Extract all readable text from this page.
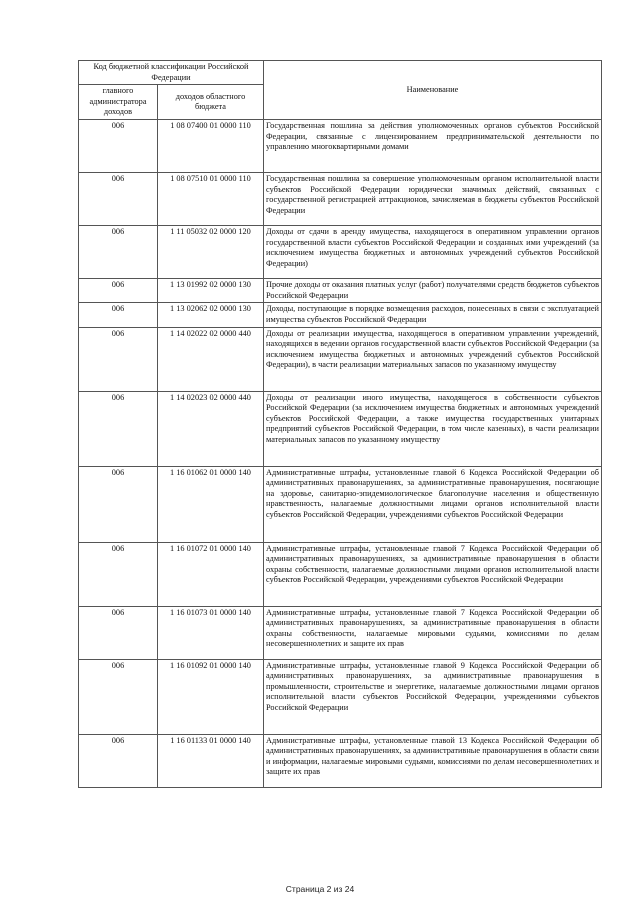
Код бюджетной классификации Российской Федерации		Наименование
главного администратора доходов	доходов областного бюджета	
006	1 08 07400 01 0000 110	Государственная пошлина за действия уполномоченных органов субъектов Российской Федерации, связанные с лицензированием предпринимательской деятельности по управлению многоквартирными домами
006	1 08 07510 01 0000 110	Государственная пошлина за совершение уполномоченным органом исполнительной власти субъектов Российской Федерации юридически значимых действий, связанных с государственной регистрацией аттракционов, зачисляемая в бюджеты субъектов Российской Федерации
006	1 11 05032 02 0000 120	Доходы от сдачи в аренду имущества, находящегося в оперативном управлении органов государственной власти субъектов Российской Федерации и созданных ими учреждений (за исключением имущества бюджетных и автономных учреждений субъектов Российской Федерации)
006	1 13 01992 02 0000 130	Прочие доходы от оказания платных услуг (работ) получателями средств бюджетов субъектов Российской Федерации
006	1 13 02062 02 0000 130	Доходы, поступающие в порядке возмещения расходов, понесенных в связи с эксплуатацией имущества субъектов Российской Федерации
006	1 14 02022 02 0000 440	Доходы от реализации имущества, находящегося в оперативном управлении учреждений, находящихся в ведении органов государственной власти субъектов Российской Федерации (за исключением имущества бюджетных и автономных учреждений субъектов Российской Федерации), в части реализации материальных запасов по указанному имуществу
006	1 14 02023 02 0000 440	Доходы от реализации иного имущества, находящегося в собственности субъектов Российской Федерации (за исключением имущества бюджетных и автономных учреждений субъектов Российской Федерации, а также имущества государственных унитарных предприятий субъектов Российской Федерации, в том числе казенных), в части реализации материальных запасов по указанному имуществу
006	1 16 01062 01 0000 140	Административные штрафы, установленные главой 6 Кодекса Российской Федерации об административных правонарушениях, за административные правонарушения, посягающие на здоровье, санитарно-эпидемиологическое благополучие населения и общественную нравственность, налагаемые должностными лицами органов исполнительной власти субъектов Российской Федерации, учреждениями субъектов Российской Федерации
006	1 16 01072 01 0000 140	Административные штрафы, установленные главой 7 Кодекса Российской Федерации об административных правонарушениях, за административные правонарушения в области охраны собственности, налагаемые должностными лицами органов исполнительной власти субъектов Российской Федерации, учреждениями субъектов Российской Федерации
006	1 16 01073 01 0000 140	Административные штрафы, установленные главой 7 Кодекса Российской Федерации об административных правонарушениях, за административные правонарушения в области охраны собственности, налагаемые мировыми судьями, комиссиями по делам несовершеннолетних и защите их прав
006	1 16 01092 01 0000 140	Административные штрафы, установленные главой 9 Кодекса Российской Федерации об административных правонарушениях, за административные правонарушения в промышленности, строительстве и энергетике, налагаемые должностными лицами органов исполнительной власти субъектов Российской Федерации, учреждениями субъектов Российской Федерации
006	1 16 01133 01 0000 140	Административные штрафы, установленные главой 13 Кодекса Российской Федерации об административных правонарушениях, за административные правонарушения в области связи и информации, налагаемые мировыми судьями, комиссиями по делам несовершеннолетних и защите их прав
Страница 2 из 24
